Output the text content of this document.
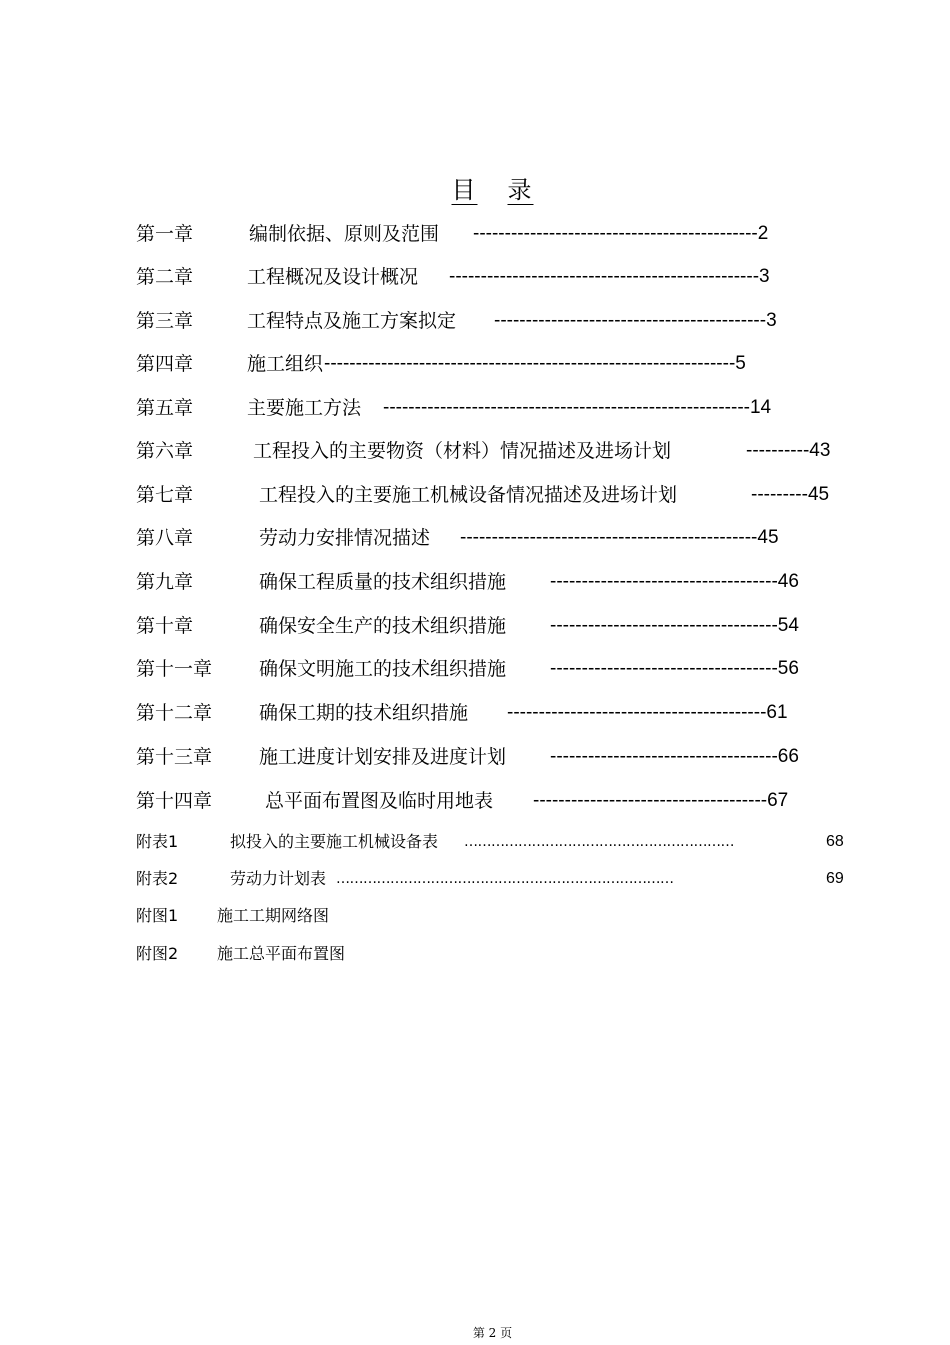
目 录
第一章	编制依据、原则及范围 ---------------------------------------------2
第二章	工程概况及设计概况 -------------------------------------------------3
第三章	工程特点及施工方案拟定 -------------------------------------------3
第四章	施工组织 -----------------------------------------------------------------5
第五章	主要施工方法 ----------------------------------------------------------14
第六章	工程投入的主要物资（材料）情况描述及进场计划	----------43
第七章	工程投入的主要施工机械设备情况描述及进场计划	---------45
第八章	劳动力安排情况描述 -----------------------------------------------45
第九章	确保工程质量的技术组织措施 ------------------------------------46
第十章	确保安全生产的技术组织措施 ------------------------------------54
第十一章 确保文明施工的技术组织措施 ------------------------------------56
第十二章 确保工期的技术组织措施 -----------------------------------------61
第十三章 施工进度计划安排及进度计划 ------------------------------------66
第十四章	总平面布置图及临时用地表 -------------------------------------67
附表1	拟投入的主要施工机械设备表 ……………………………………………………	68
附表2	劳动力计划表 …………………………………………………………………	69
附图1 施工工期网络图
附图2 施工总平面布置图
第 2 页
